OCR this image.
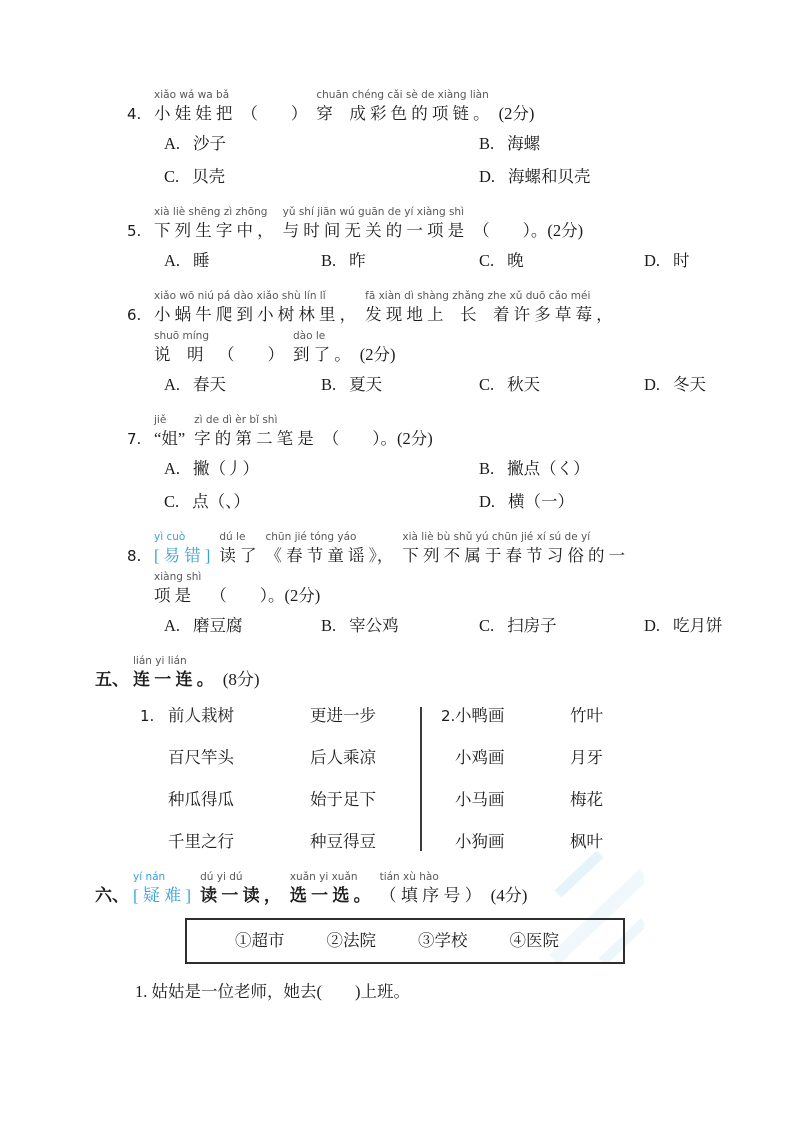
4.
xiǎo wá wa bǎ
小 娃 娃 把 （　　）
chuān chéng cǎi sè de xiàng liàn
穿　成 彩 色 的 项 链 。 (2分)
A. 沙子	B. 海螺
C. 贝壳	D. 海螺和贝壳
5.
xià liè shēng zì zhōng
下 列 生 字 中 ，
yǔ shí jiān wú guān de yí xiàng shì
与 时 间 无 关 的 一 项 是 （　　）。(2分)
A. 睡	B. 昨	C. 晚	D. 时
6.
xiǎo wō niú pá dào xiǎo shù lín lǐ
小 蜗 牛 爬 到 小 树 林 里 ，
fā xiàn dì shàng zhǎng zhe xǔ duō cǎo méi
发 现 地 上　长　着 许 多 草 莓 ，
shuō míng
说　明 （　　）
dào le
到 了 。 (2分)
A. 春天	B. 夏天	C. 秋天	D. 冬天
7.
jiě
“姐”
zì de dì èr bǐ shì
字 的 第 二 笔 是 （　　）。(2分)
A. 撇（丿）	B. 撇点（く）
C. 点（、）	D. 横（一）
8.
yì cuò
[ 易 错 ]
dú le
读 了
chūn jié tóng yáo
《 春 节 童 谣 》，
xià liè bù shǔ yú chūn jié xí sú de yí
下 列 不 属 于 春 节 习 俗 的 一
xiàng shì
项 是	（　　）。(2分)
A. 磨豆腐	B. 宰公鸡	C. 扫房子	D. 吃月饼
五、
lián yi lián
连 一 连 。 (8分)
1. 前人栽树	更进一步
百尺竿头	后人乘凉
种瓜得瓜	始于足下
千里之行	种豆得豆
2. 小鸭画	竹叶
小鸡画	月牙
小马画	梅花
小狗画	枫叶
六、
yí nán
[ 疑 难 ]
dú yi dú
读 一 读 ，
xuǎn yi xuǎn
选 一 选 。
tián xù hào
（ 填 序 号 ） (4分)
①超市	②法院	③学校	④医院
1. 姑姑是一位老师，她去(　　)上班。
